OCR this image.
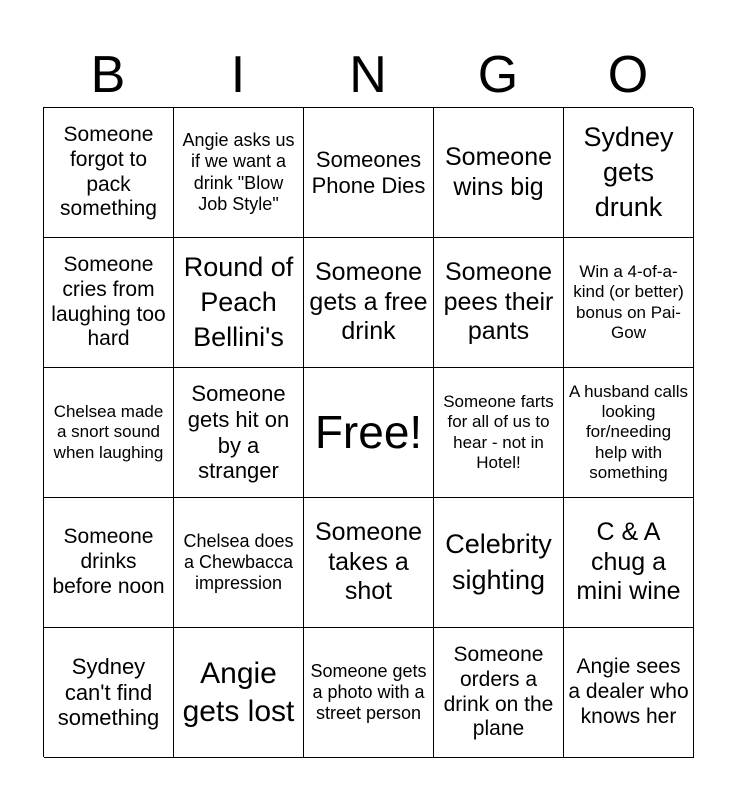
B	I	N	G	O
Someone forgot to pack something
Angie asks us if we want a drink "Blow Job Style"
Someones Phone Dies
Someone wins big
Sydney gets drunk
Someone cries from laughing too hard
Round of Peach Bellini's
Someone gets a free drink
Someone pees their pants
Win a 4-of-a-kind (or better) bonus on Pai-Gow
Chelsea made a snort sound when laughing
Someone gets hit on by a stranger
Free!
Someone farts for all of us to hear - not in Hotel!
A husband calls looking for/needing help with something
Someone drinks before noon
Chelsea does a Chewbacca impression
Someone takes a shot
Celebrity sighting
C & A chug a mini wine
Sydney can't find something
Angie gets lost
Someone gets a photo with a street person
Someone orders a drink on the plane
Angie sees a dealer who knows her
